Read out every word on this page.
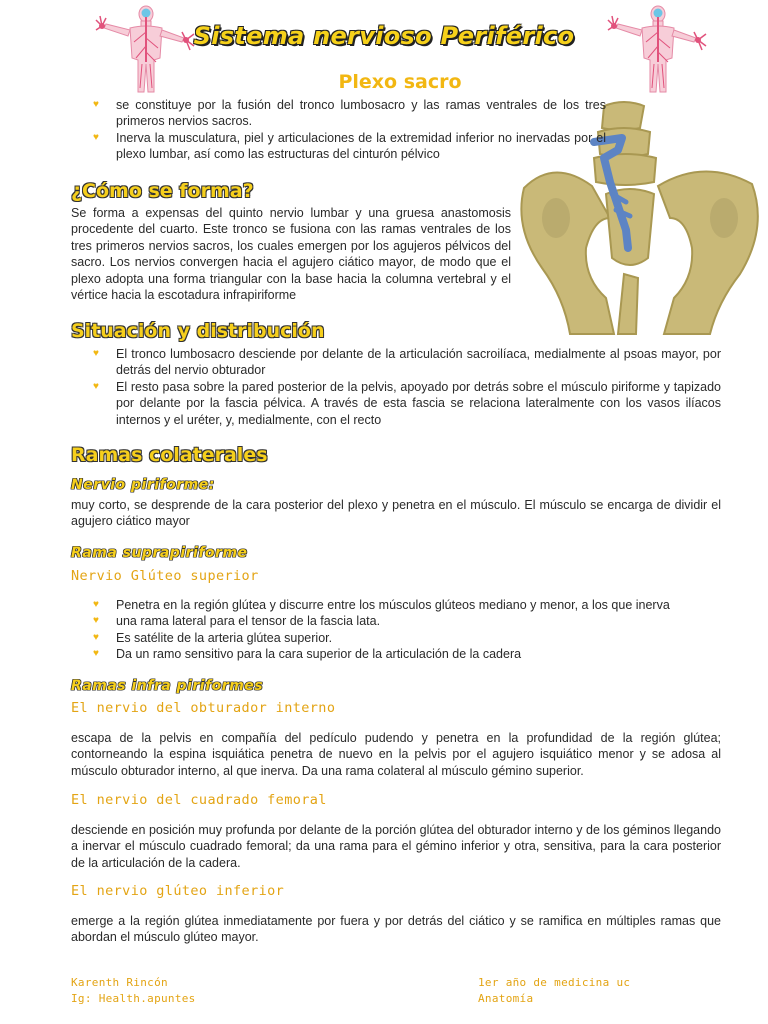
Sistema nervioso Periférico
Plexo sacro
♥ se constituye por la fusión del tronco lumbosacro y las ramas ventrales de los tres primeros nervios sacros.
♥ Inerva la musculatura, piel y articulaciones de la extremidad inferior no inervadas por el plexo lumbar, así como las estructuras del cinturón pélvico
¿Cómo se forma?
Se forma a expensas del quinto nervio lumbar y una gruesa anastomosis procedente del cuarto. Este tronco se fusiona con las ramas ventrales de los tres primeros nervios sacros, los cuales emergen por los agujeros pélvicos del sacro. Los nervios convergen hacia el agujero ciático mayor, de modo que el plexo adopta una forma triangular con la base hacia la columna vertebral y el vértice hacia la escotadura infrapiriforme
Situación y distribución
♥ El tronco lumbosacro desciende por delante de la articulación sacroilíaca, medialmente al psoas mayor, por detrás del nervio obturador
♥ El resto pasa sobre la pared posterior de la pelvis, apoyado por detrás sobre el músculo piriforme y tapizado por delante por la fascia pélvica. A través de esta fascia se relaciona lateralmente con los vasos ilíacos internos y el uréter, y, medialmente, con el recto
Ramas colaterales
Nervio piriforme:
muy corto, se desprende de la cara posterior del plexo y penetra en el músculo. El músculo se encarga de dividir el agujero ciático mayor
Rama suprapiriforme
Nervio Glúteo superior
♥ Penetra en la región glútea y discurre entre los músculos glúteos mediano y menor, a los que inerva
♥ una rama lateral para el tensor de la fascia lata.
♥ Es satélite de la arteria glútea superior.
♥ Da un ramo sensitivo para la cara superior de la articulación de la cadera
Ramas infra piriformes
El nervio del obturador interno
escapa de la pelvis en compañía del pedículo pudendo y penetra en la profundidad de la región glútea; contorneando la espina isquiática penetra de nuevo en la pelvis por el agujero isquiático menor y se adosa al músculo obturador interno, al que inerva. Da una rama colateral al músculo gémino superior.
El nervio del cuadrado femoral
desciende en posición muy profunda por delante de la porción glútea del obturador interno y de los géminos llegando a inervar el músculo cuadrado femoral; da una rama para el gémino inferior y otra, sensitiva, para la cara posterior de la articulación de la cadera.
El nervio glúteo inferior
emerge a la región glútea inmediatamente por fuera y por detrás del ciático y se ramifica en múltiples ramas que abordan el músculo glúteo mayor.
Karenth Rincón
Ig: Health.apuntes
1er año de medicina uc
Anatomía
